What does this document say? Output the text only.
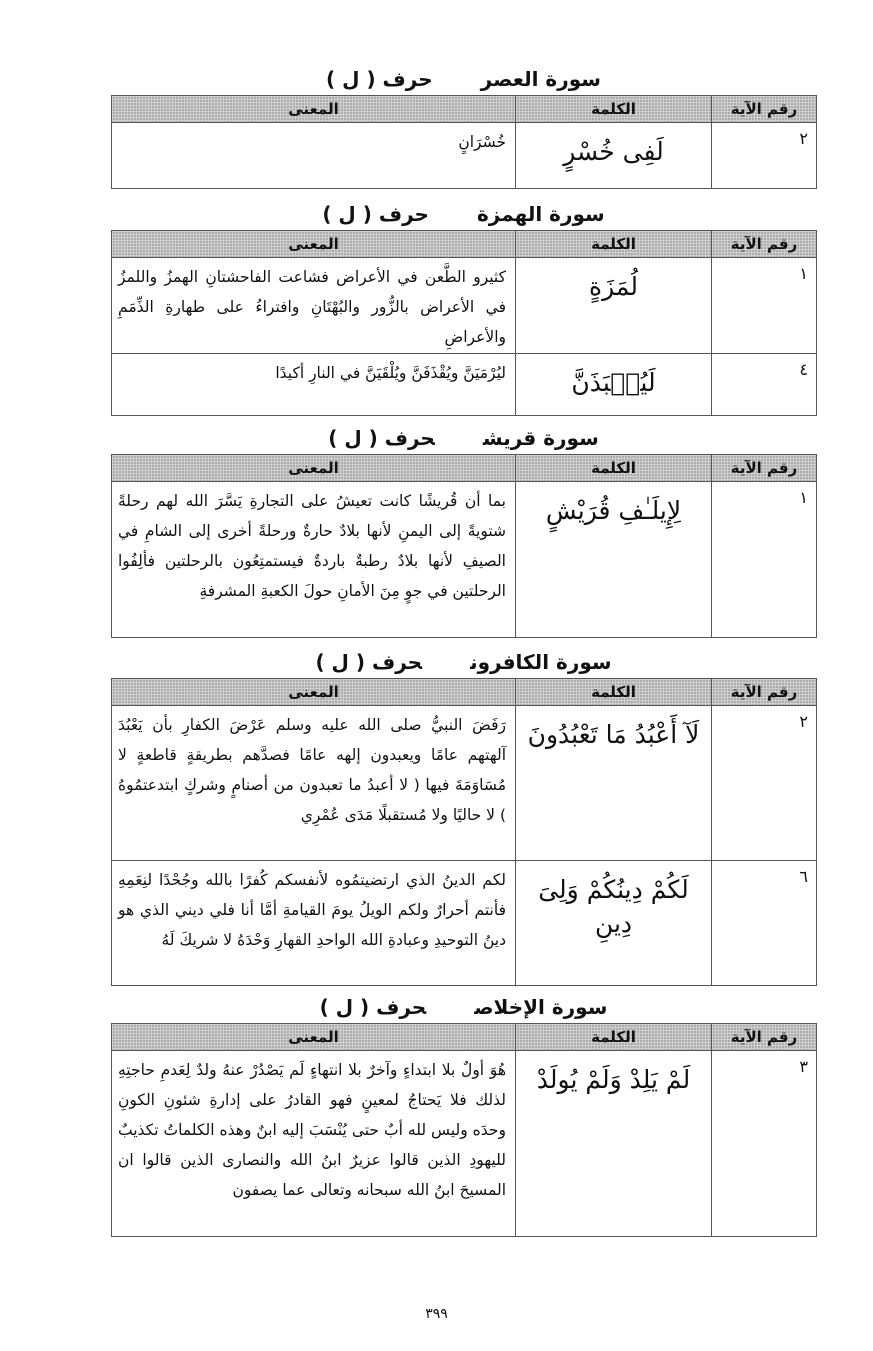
سورة العصرحرف ( ل )
رقم الآية	الكلمة	المعنى
٢	لَفِى خُسْرٍ	خُسْرَانٍ
سورة الهمزةحرف ( ل )
رقم الآية	الكلمة	المعنى
١	لُمَزَةٍ	كثيرو الطَّعن في الأعراض فشاعت الفاحشتانِ الهمزُ واللمزُ في الأعراض بالزُّور والبُهْتَانِ وافتراءُ على طهارةِ الذِّمَمِ والأعراضِ
٤	لَيُنۢبَذَنَّ	ليُرْمَيَنَّ ويُقْذَفَنَّ ويُلْقَيَنَّ في النارِ أكيدًا
سورة قريشحرف ( ل )
رقم الآية	الكلمة	المعنى
١	لِإِيلَـٰفِ قُرَيْشٍ	بما أن قُريشًا كانت تعيشُ على التجارةِ يَسَّرَ الله لهم رحلةً شتويةً إلى اليمنِ لأنها بلادٌ حارةٌ ورحلةً أخرى إلى الشامِ في الصيفِ لأنها بلادٌ رطبةٌ باردةٌ فيستمتِعُون بالرحلتين فألِفُوا الرحلتين في جوٍ مِنَ الأمانِ حولَ الكعبةِ المشرفةِ
سورة الكافرونحرف ( ل )
رقم الآية	الكلمة	المعنى
٢	لَآ أَعْبُدُ مَا تَعْبُدُونَ	رَفَضَ النبيُّ صلى الله عليه وسلم عَرْضَ الكفارِ بأن يَعْبُدَ آلهتهم عامًا ويعبدون إلهه عامًا فصدَّهم بطريقةٍ قاطعةٍ لا مُسَاوَمَةَ فيها ( لا أعبدُ ما تعبدون من أصنامٍ وشركٍ ابتدعتمُوهُ ) لا حاليًا ولا مُستقبلًا مَدَى عُمْرِي
٦	لَكُمْ دِينُكُمْ وَلِىَ دِينِ	لكم الدينُ الذي ارتضيتمُوه لأنفسكم كُفرًا بالله وجُحْدًا لنِعَمِهِ فأنتم أحرارٌ ولكم الويلُ يومَ القيامةِ أمَّا أنا فلي ديني الذي هو دينُ التوحيدِ وعبادةِ الله الواحدِ القهارِ وَحْدَهُ لا شريكَ لَهُ
سورة الإخلاصحرف ( ل )
رقم الآية	الكلمة	المعنى
٣	لَمْ يَلِدْ وَلَمْ يُولَدْ	هُوَ أولٌ بلا ابتداءٍ وآخرٌ بلا انتهاءٍ لَم يَصْدُرْ عنهُ ولدٌ لِعَدمِ حاجتِهِ لذلك فلا يَحتاجُ لمعينٍ فهو القادرُ على إدارةِ شئونِ الكونِ وحدَه وليس لله أبٌ حتى يُنْسَبَ إليه ابنٌ وهذه الكلماتُ تكذيبٌ لليهودِ الذين قالوا عزيرٌ ابنُ الله والنصارى الذين قالوا ان المسيحَ ابنُ الله سبحانه وتعالى عما يصفون
٣٩٩
